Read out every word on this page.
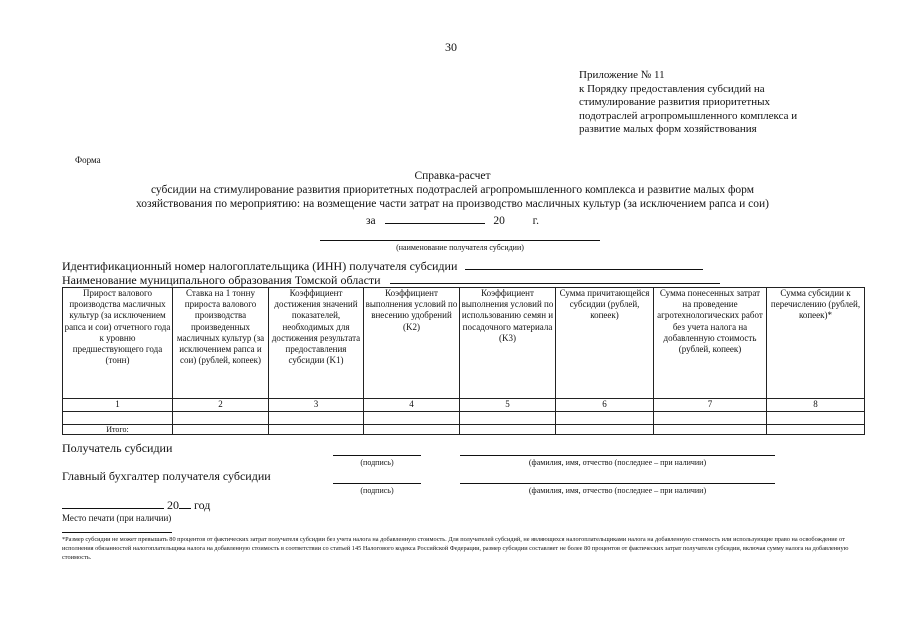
30
Приложение № 11
к Порядку предоставления субсидий на
стимулирование развития приоритетных
подотраслей агропромышленного комплекса и
развитие малых форм хозяйствования
Форма
Справка-расчет
субсидии на стимулирование развития приоритетных подотраслей агропромышленного комплекса и развитие малых форм
хозяйствования по мероприятию: на возмещение части затрат на производство масличных культур (за исключением рапса и сои)
за	20 г.
(наименование получателя субсидии)
Идентификационный номер налогоплательщика (ИНН) получателя субсидии
Наименование муниципального образования Томской области
Прирост валового производства масличных культур (за исключением рапса и сои) отчетного года к уровню предшествующего года (тонн)	Ставка на 1 тонну прироста валового производства произведенных масличных культур (за исключением рапса и сои) (рублей, копеек)	Коэффициент достижения значений показателей, необходимых для достижения результата предоставления субсидии (K1)	Коэффициент выполнения условий по внесению удобрений (K2)	Коэффициент выполнения условий по использованию семян и посадочного материала (K3)	Сумма причитающейся субсидии (рублей, копеек)	Сумма понесенных затрат на проведение агротехнологических работ без учета налога на добавленную стоимость (рублей, копеек)	Сумма субсидии к перечислению (рублей, копеек)*
1	2	3	4	5	6	7	8

Итого:							
Получатель субсидии
(подпись)	(фамилия, имя, отчество (последнее – при наличии)
Главный бухгалтер получателя субсидии
(подпись)	(фамилия, имя, отчество (последнее – при наличии)
20 год
Место печати (при наличии)
*Размер субсидии не может превышать 80 процентов от фактических затрат получателя субсидии без учета налога на добавленную стоимость. Для получателей субсидий, не являющихся налогоплательщиками налога на добавленную стоимость или использующие право на освобождение от исполнения обязанностей налогоплательщика налога на добавленную стоимость в соответствии со статьей 145 Налогового кодекса Российской Федерации, размер субсидии составляет не более 80 процентов от фактических затрат получателя субсидии, включая сумму налога на добавленную стоимость.
